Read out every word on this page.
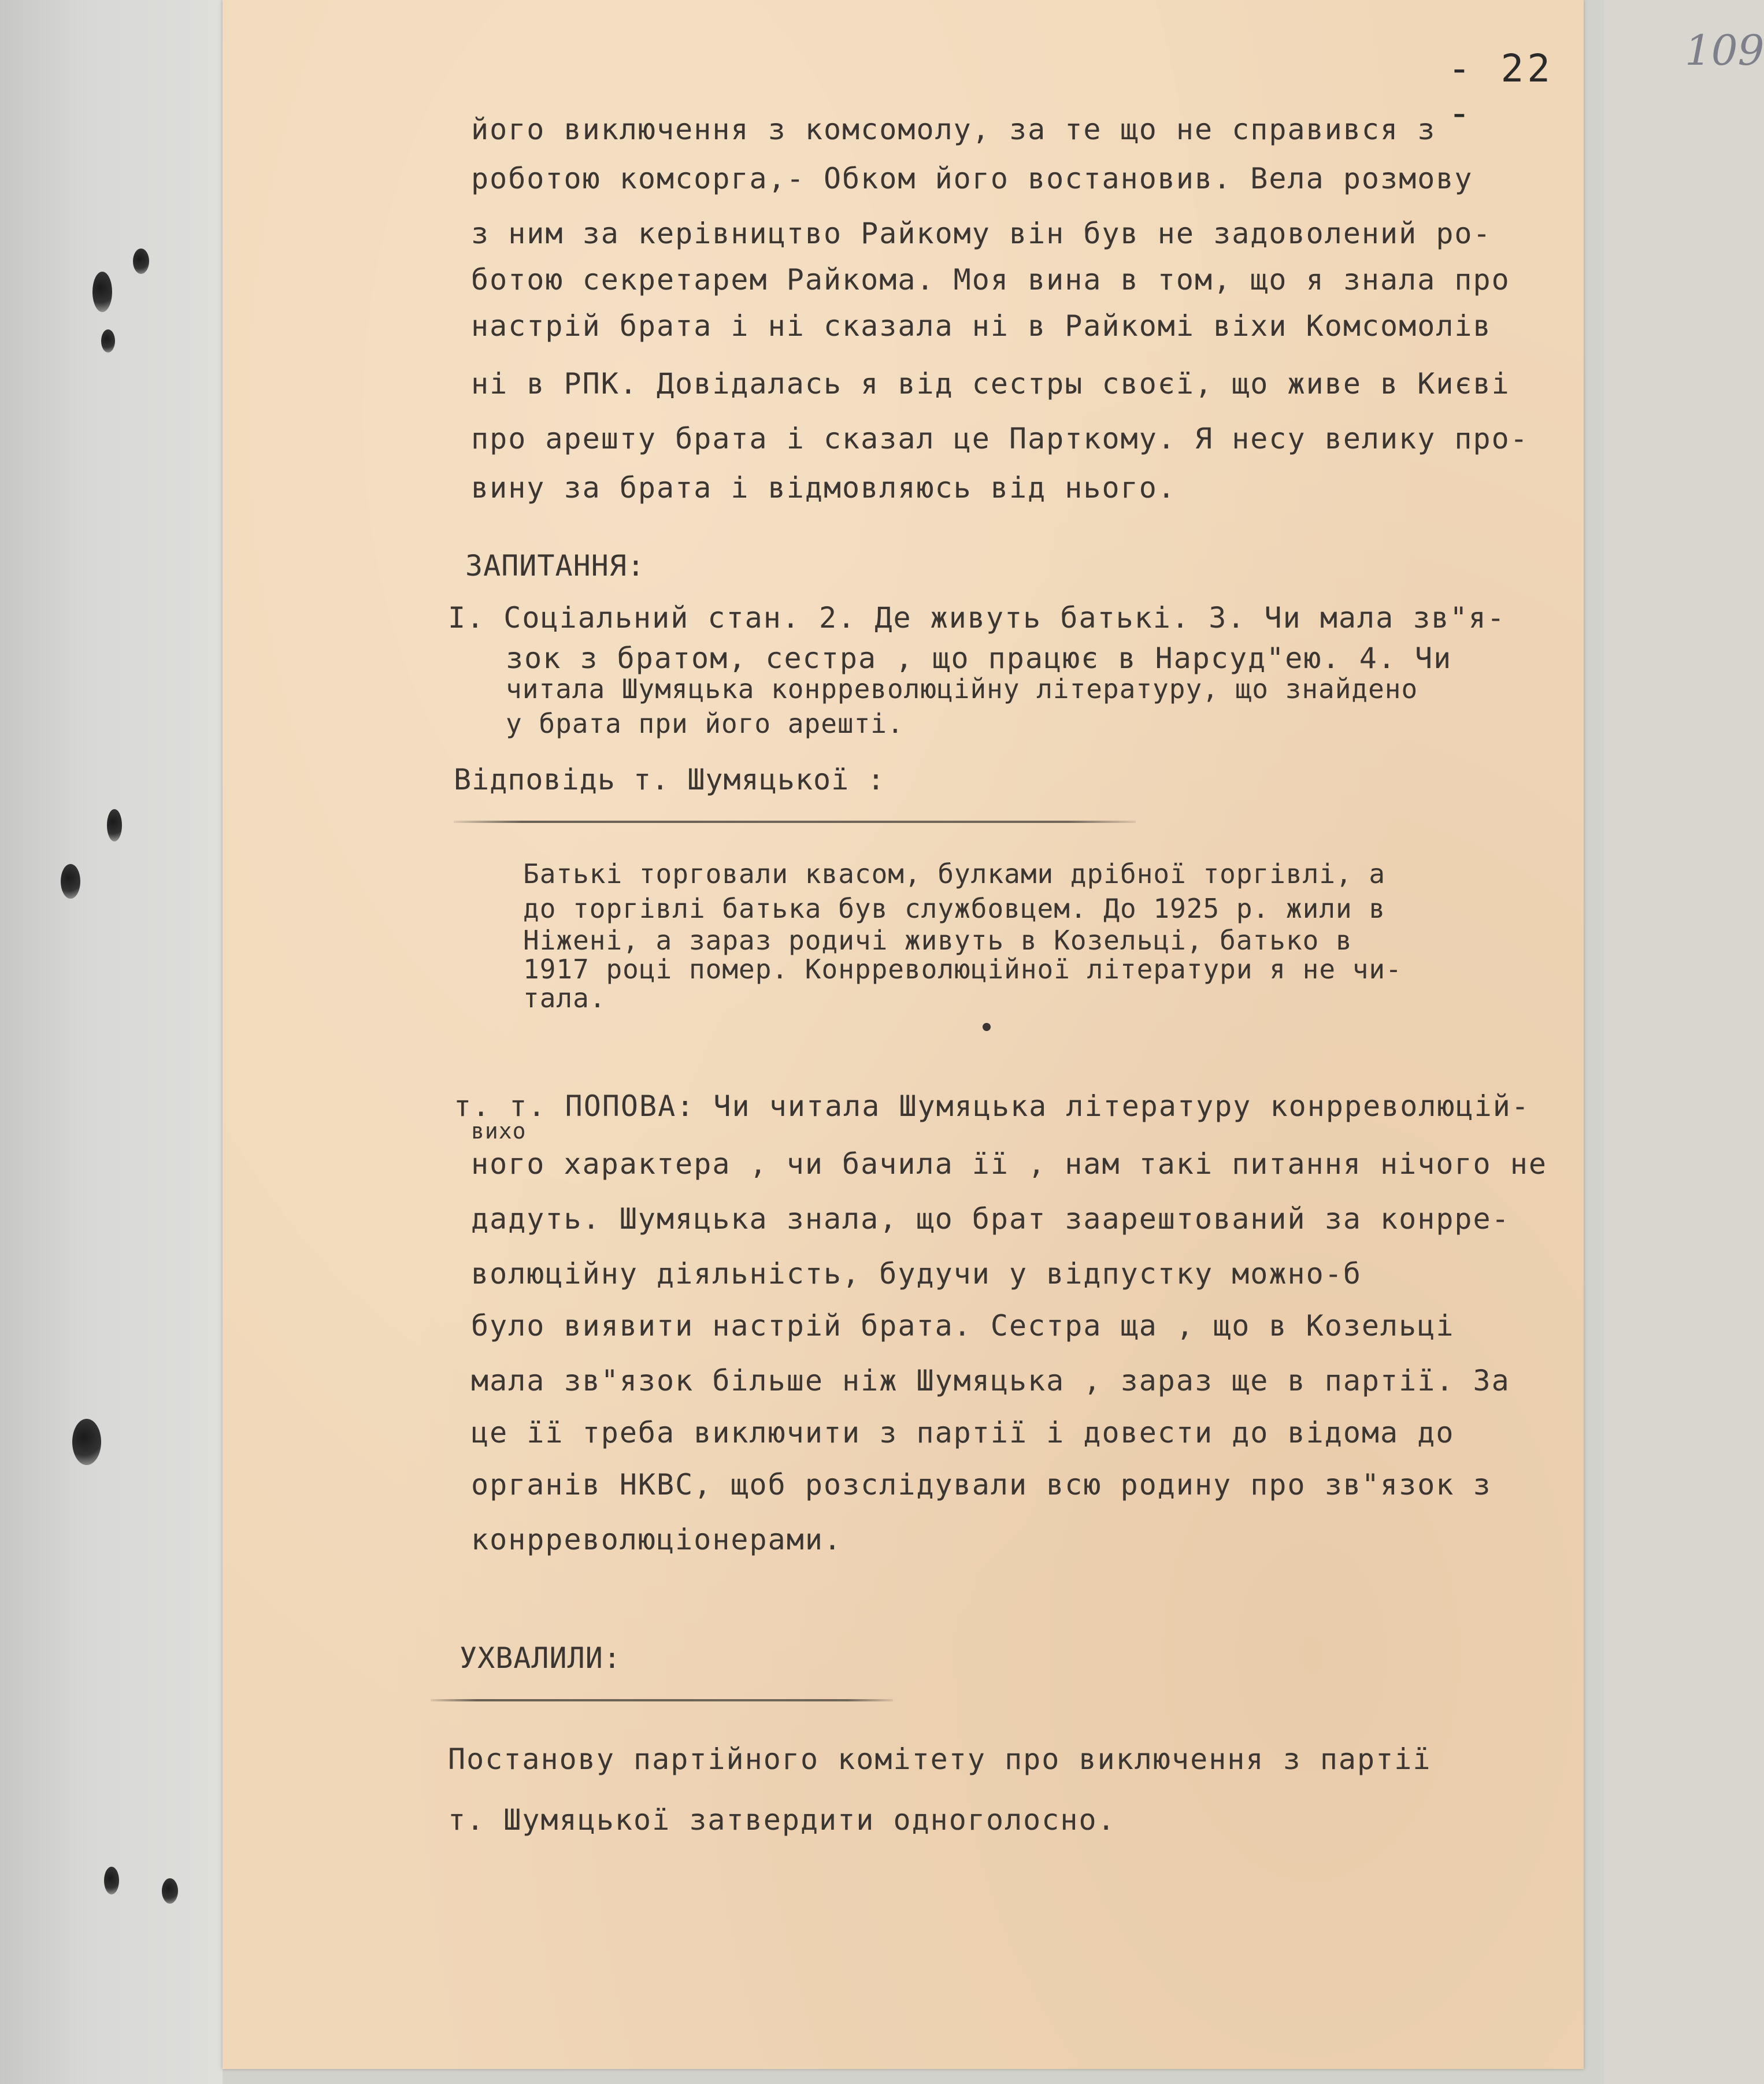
- 22 -
109
його виключення з комсомолу, за те що не справився з
роботою комсорга,- Обком його востановив. Вела розмову
з ним за керівництво Райкому він був не задоволений ро-
ботою секретарем Райкома. Моя вина в том, що я знала про
настрій брата і ні сказала ні в Райкомі віхи Комсомолів
ні в РПК. Довідалась я від сестры своєї, що живе в Києві
про арешту брата і сказал це Парткому. Я несу велику про-
вину за брата і відмовляюсь від нього.
ЗАПИТАННЯ:
І. Соціальний стан. 2. Де живуть батькі. 3. Чи мала зв"я-
зок з братом, сестра , що працює в Нарсуд"ею. 4. Чи
читала Шумяцька конрреволюційну літературу, що знайдено
у брата при його арешті.
Відповідь т. Шумяцької :
Батькі торговали квасом, булками дрібної торгівлі, а
до торгівлі батька був службовцем. До 1925 р. жили в
Ніжені, а зараз родичі живуть в Козельці, батько в
1917 році помер. Конрреволюційної літератури я не чи-
тала.
т. т. ПОПОВА: Чи читала Шумяцька літературу конрреволюцій-
вихо
ного характера , чи бачила її , нам такі питання нічого не
дадуть. Шумяцька знала, що брат заарештований за конрре-
волюційну діяльність, будучи у відпустку можно-б
було виявити настрій брата. Сестра ща , що в Козельці
мала зв"язок більше ніж Шумяцька , зараз ще в партії. За
це її треба виключити з партії і довести до відома до
органів НКВС, щоб розслідували всю родину про зв"язок з
конрреволюціонерами.
УХВАЛИЛИ:
Постанову партійного комітету про виключення з партії
т. Шумяцької затвердити одноголосно.
